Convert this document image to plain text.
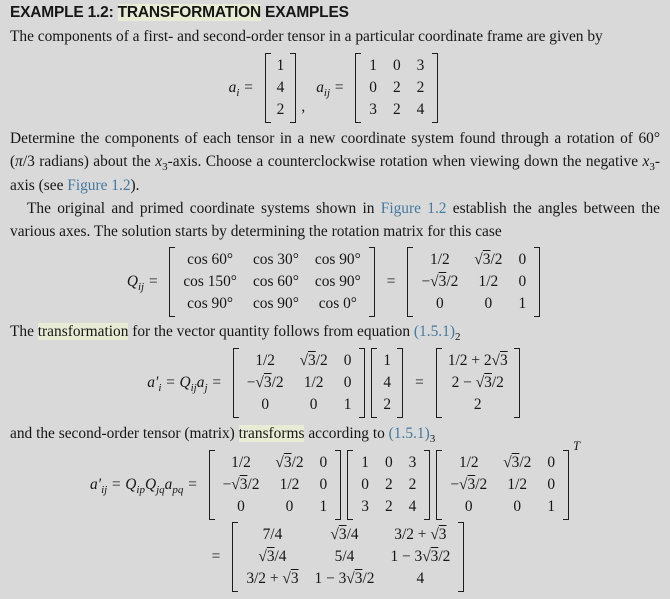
EXAMPLE 1.2: TRANSFORMATION EXAMPLES

The components of a first- and second-order tensor in a particular coordinate frame are given by

$a_i$ =
1
4
2 ,
$a_{ij}$ =
1	0	3
0	2	2
3	2	4

Determine the components of each tensor in a new coordinate system found through a rotation of 60° (π/3 radians) about the $x_3$-axis. Choose a counterclockwise rotation when viewing down the negative $x_3$-axis (see Figure 1.2).

The original and primed coordinate systems shown in Figure 1.2 establish the angles between the various axes. The solution starts by determining the rotation matrix for this case

$Q_{ij}$ =
cos 60°	cos 30°	cos 90°
cos 150°	cos 60°	cos 90°
cos 90°	cos 90°	cos 0°
=
1/2	√3/2	0
−√3/2	1/2	0
0	0	1

The transformation for the vector quantity follows from equation $(1.5.1)_2$

$a'_i = Q_{ij}a_j$ =
1/2	√3/2	0
−√3/2	1/2	0
0	0	1
1
4
2
=
1/2 + 2√3
2 − √3/2
2

and the second-order tensor (matrix) transforms according to $(1.5.1)_3$

$a'_{ij} = Q_{ip}Q_{jq}a_{pq}$ =
1/2	√3/2	0
−√3/2	1/2	0
0	0	1
1	0	3
0	2	2
3	2	4
1/2	√3/2	0
−√3/2	1/2	0
0	0	1
T
=
7/4	√3/4	3/2 + √3
√3/4	5/4	1 − 3√3/2
3/2 + √3	1 − 3√3/2	4
